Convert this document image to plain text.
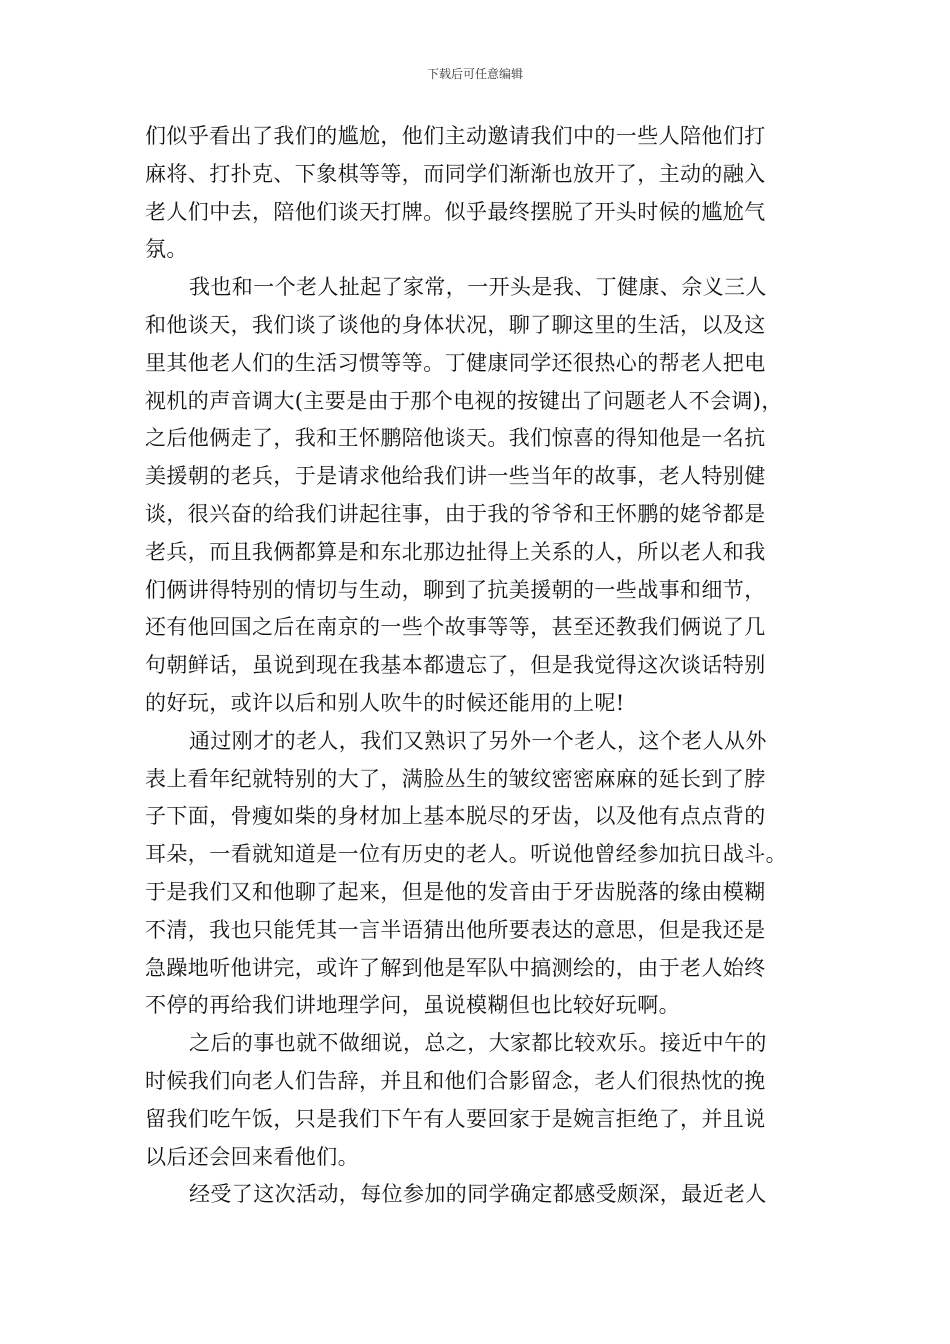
下载后可任意编辑

们似乎看出了我们的尴尬，他们主动邀请我们中的一些人陪他们打
麻将、打扑克、下象棋等等，而同学们渐渐也放开了，主动的融入
老人们中去，陪他们谈天打牌。似乎最终摆脱了开头时候的尴尬气
氛。

我也和一个老人扯起了家常，一开头是我、丁健康、佘义三人
和他谈天，我们谈了谈他的身体状况，聊了聊这里的生活，以及这
里其他老人们的生活习惯等等。丁健康同学还很热心的帮老人把电
视机的声音调大(主要是由于那个电视的按键出了问题老人不会调)，
之后他俩走了，我和王怀鹏陪他谈天。我们惊喜的得知他是一名抗
美援朝的老兵，于是请求他给我们讲一些当年的故事，老人特别健
谈，很兴奋的给我们讲起往事，由于我的爷爷和王怀鹏的姥爷都是
老兵，而且我俩都算是和东北那边扯得上关系的人，所以老人和我
们俩讲得特别的情切与生动，聊到了抗美援朝的一些战事和细节，
还有他回国之后在南京的一些个故事等等，甚至还教我们俩说了几
句朝鲜话，虽说到现在我基本都遗忘了，但是我觉得这次谈话特别
的好玩，或许以后和别人吹牛的时候还能用的上呢!

通过刚才的老人，我们又熟识了另外一个老人，这个老人从外
表上看年纪就特别的大了，满脸丛生的皱纹密密麻麻的延长到了脖
子下面，骨瘦如柴的身材加上基本脱尽的牙齿，以及他有点点背的
耳朵，一看就知道是一位有历史的老人。听说他曾经参加抗日战斗。
于是我们又和他聊了起来，但是他的发音由于牙齿脱落的缘由模糊
不清，我也只能凭其一言半语猜出他所要表达的意思，但是我还是
急躁地听他讲完，或许了解到他是军队中搞测绘的，由于老人始终
不停的再给我们讲地理学问，虽说模糊但也比较好玩啊。

之后的事也就不做细说，总之，大家都比较欢乐。接近中午的
时候我们向老人们告辞，并且和他们合影留念，老人们很热忱的挽
留我们吃午饭，只是我们下午有人要回家于是婉言拒绝了，并且说
以后还会回来看他们。

经受了这次活动，每位参加的同学确定都感受颇深，最近老人
